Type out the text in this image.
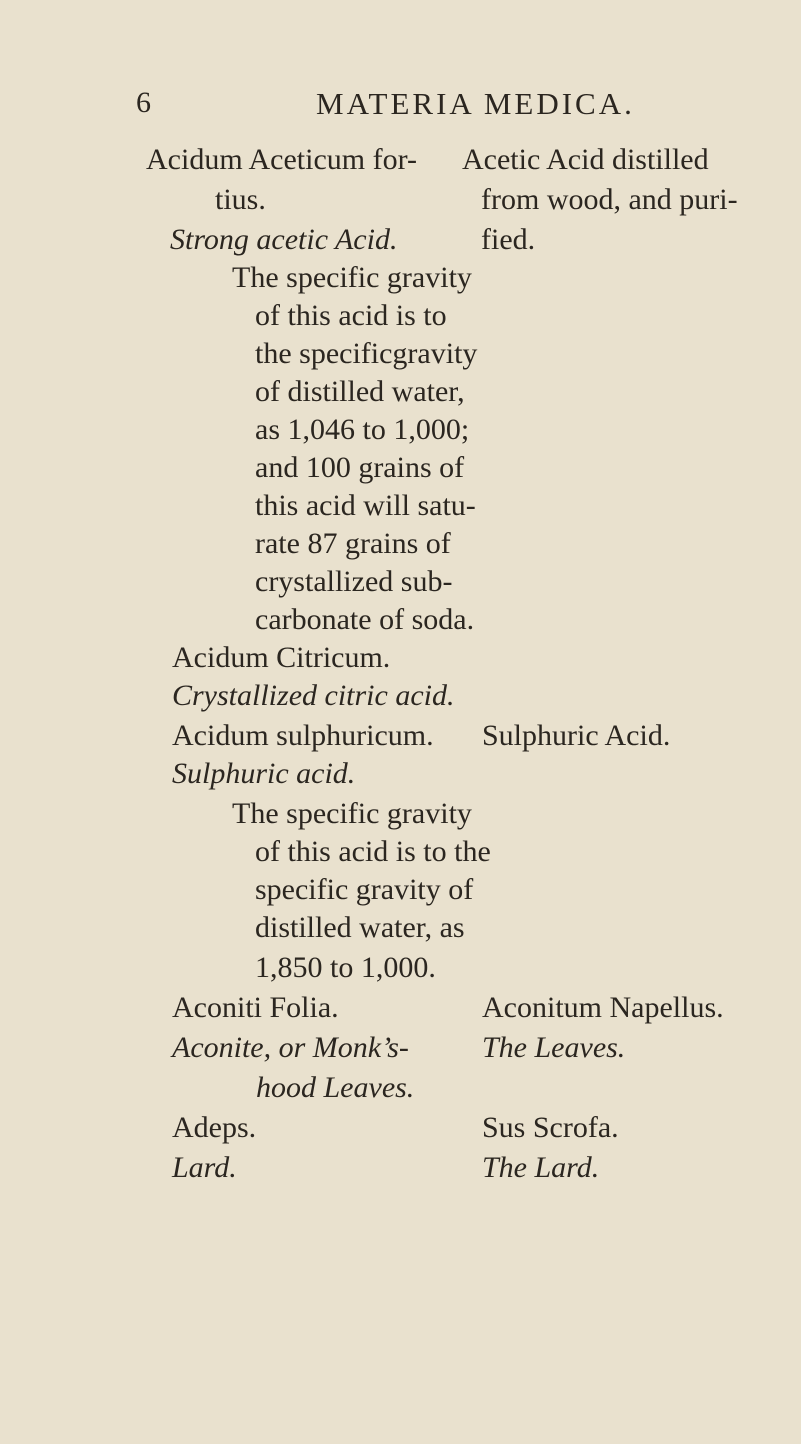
6	MATERIA MEDICA.
Acidum Aceticum for-
tius.
Strong acetic Acid.
The specific gravity
of this acid is to
the specificgravity
of distilled water,
as 1,046 to 1,000;
and 100 grains of
this acid will satu-
rate 87 grains of
crystallized sub-
carbonate of soda.
Acidum Citricum.
Crystallized citric acid.
Acidum sulphuricum.
Sulphuric acid.
The specific gravity
of this acid is to the
specific gravity of
distilled water, as
1,850 to 1,000.
Aconiti Folia.
Aconite, or Monk’s-
hood Leaves.
Adeps.
Lard.
Acetic Acid distilled
from wood, and puri-
fied.
Sulphuric Acid.
Aconitum Napellus.
The Leaves.
Sus Scrofa.
The Lard.
